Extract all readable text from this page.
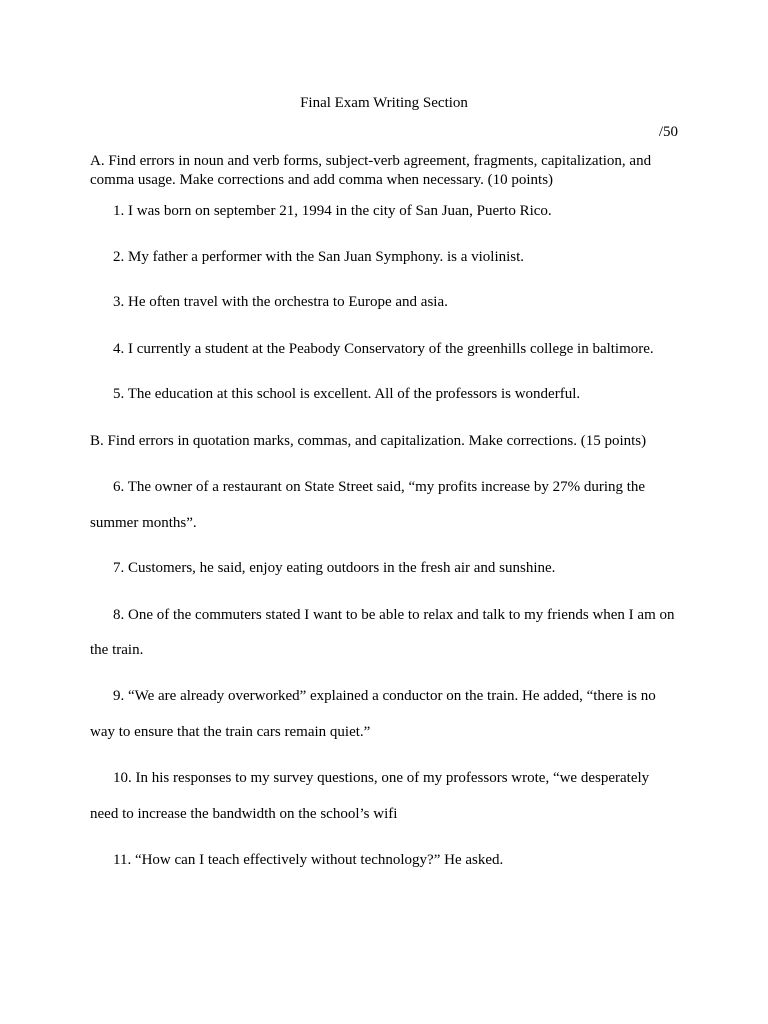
Final Exam Writing Section
/50
A. Find errors in noun and verb forms, subject-verb agreement, fragments, capitalization, and comma usage. Make corrections and add comma when necessary. (10 points)
1. I was born on september 21, 1994 in the city of San Juan, Puerto Rico.
2. My father a performer with the San Juan Symphony. is a violinist.
3. He often travel with the orchestra to Europe and asia.
4. I currently a student at the Peabody Conservatory of the greenhills college in baltimore.
5. The education at this school is excellent. All of the professors is wonderful.
B. Find errors in quotation marks, commas, and capitalization. Make corrections. (15 points)
6. The owner of a restaurant on State Street said, “my profits increase by 27% during the
summer months”.
7. Customers, he said, enjoy eating outdoors in the fresh air and sunshine.
8. One of the commuters stated I want to be able to relax and talk to my friends when I am on
the train.
9. “We are already overworked” explained a conductor on the train. He added, “there is no
way to ensure that the train cars remain quiet.”
10. In his responses to my survey questions, one of my professors wrote, “we desperately
need to increase the bandwidth on the school’s wifi
11. “How can I teach effectively without technology?” He asked.
